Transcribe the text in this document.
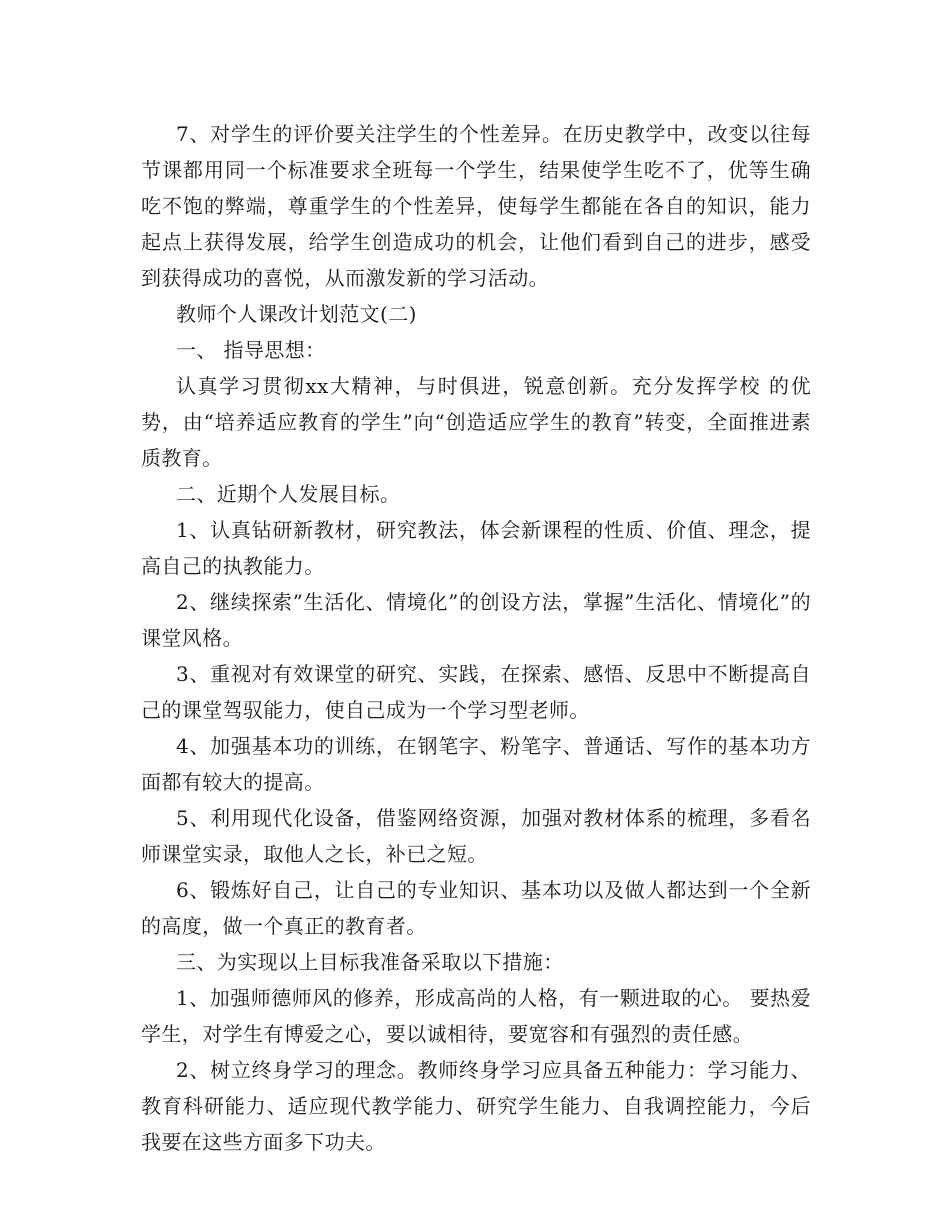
7、对学生的评价要关注学生的个性差异。在历史教学中，改变以往每节课都用同一个标准要求全班每一个学生，结果使学生吃不了，优等生确吃不饱的弊端，尊重学生的个性差异，使每学生都能在各自的知识，能力起点上获得发展，给学生创造成功的机会，让他们看到自己的进步，感受到获得成功的喜悦，从而激发新的学习活动。

教师个人课改计划范文(二)

一、 指导思想：

认真学习贯彻xx大精神，与时俱进，锐意创新。充分发挥学校 的优势，由“培养适应教育的学生”向“创造适应学生的教育”转变，全面推进素质教育。

二、近期个人发展目标。

1、认真钻研新教材，研究教法，体会新课程的性质、价值、理念，提高自己的执教能力。

2、继续探索”生活化、情境化”的创设方法，掌握”生活化、情境化”的课堂风格。

3、重视对有效课堂的研究、实践，在探索、感悟、反思中不断提高自己的课堂驾驭能力，使自己成为一个学习型老师。

4、加强基本功的训练，在钢笔字、粉笔字、普通话、写作的基本功方面都有较大的提高。

5、利用现代化设备，借鉴网络资源，加强对教材体系的梳理，多看名师课堂实录，取他人之长，补已之短。

6、锻炼好自己，让自己的专业知识、基本功以及做人都达到一个全新的高度，做一个真正的教育者。

三、为实现以上目标我准备采取以下措施：

1、加强师德师风的修养，形成高尚的人格，有一颗进取的心。 要热爱学生，对学生有博爱之心，要以诚相待，要宽容和有强烈的责任感。

2、树立终身学习的理念。教师终身学习应具备五种能力：学习能力、教育科研能力、适应现代教学能力、研究学生能力、自我调控能力，今后我要在这些方面多下功夫。
